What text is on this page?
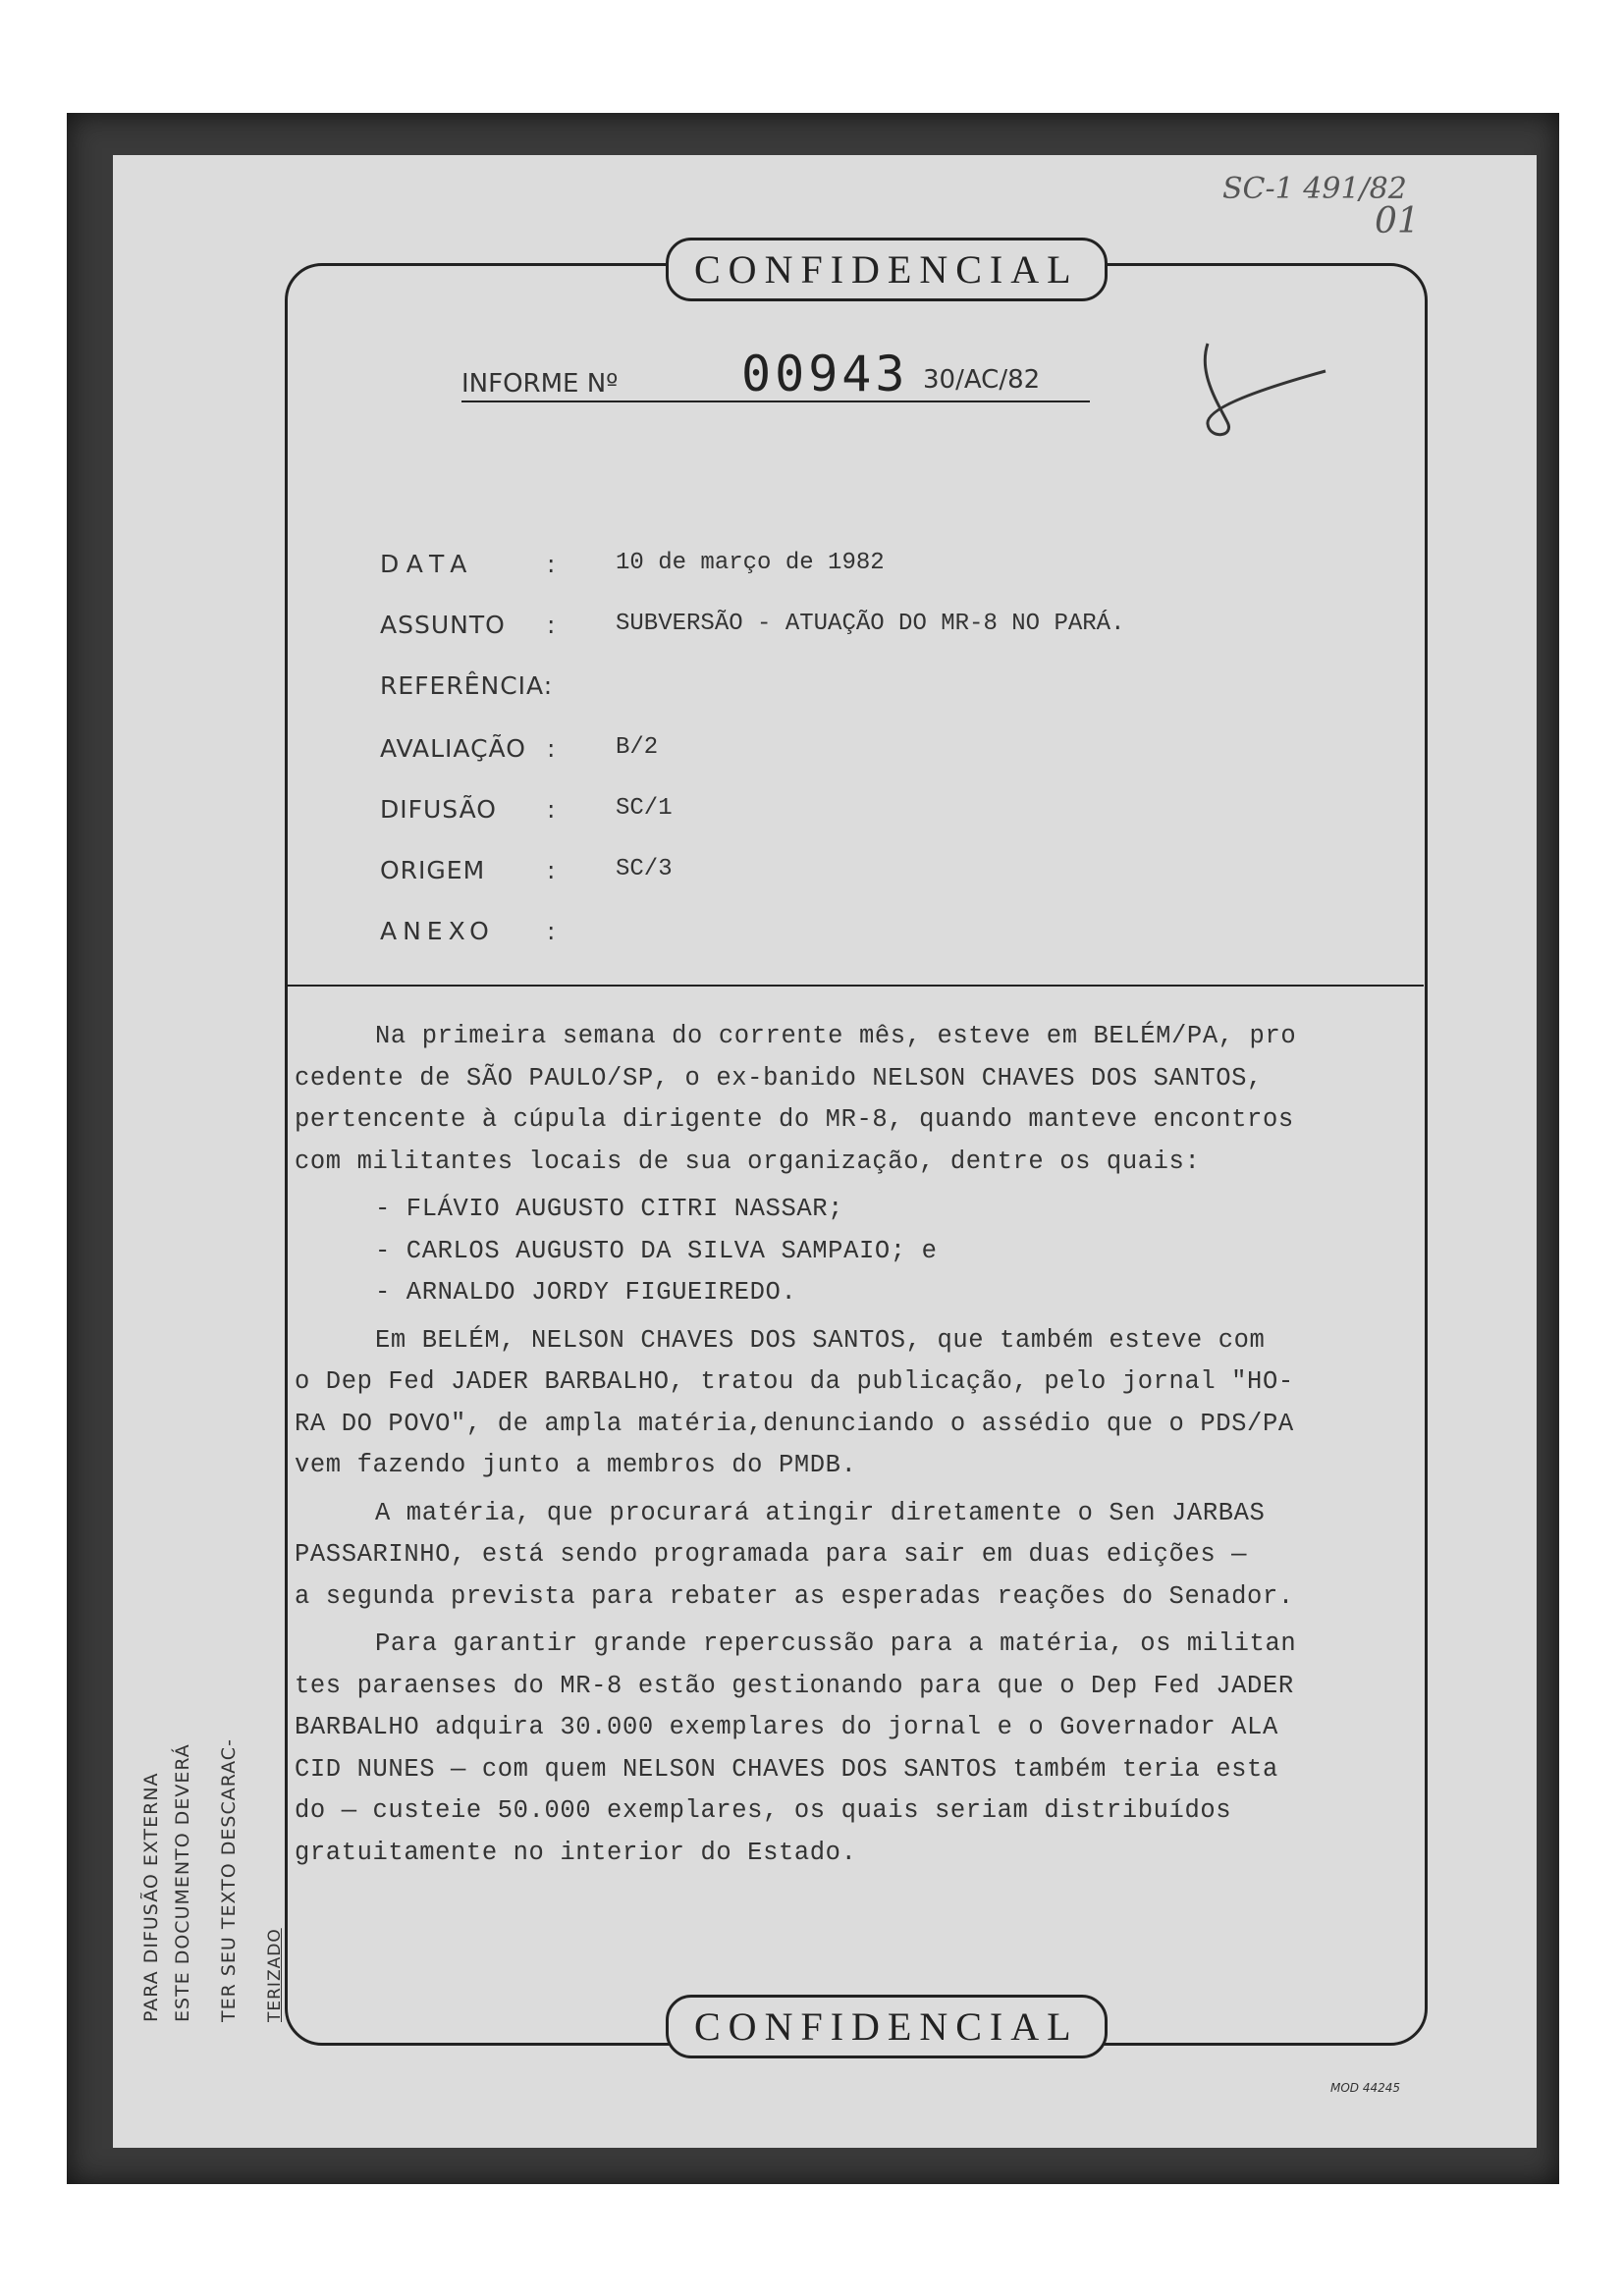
SC-1 491/82
01
CONFIDENCIAL
INFORME Nº	00943 30/AC/82
DATA	:	10 de março de 1982
ASSUNTO :	SUBVERSÃO - ATUAÇÃO DO MR-8 NO PARÁ.
REFERÊNCIA:
AVALIAÇÃO :	B/2
DIFUSÃO :	SC/1
ORIGEM	:	SC/3
ANEXO :
Na primeira semana do corrente mês, esteve em BELÉM/PA, pro
cedente de SÃO PAULO/SP, o ex-banido NELSON CHAVES DOS SANTOS,
pertencente à cúpula dirigente do MR-8, quando manteve encontros
com militantes locais de sua organização, dentre os quais:
- FLÁVIO AUGUSTO CITRI NASSAR;
- CARLOS AUGUSTO DA SILVA SAMPAIO; e
- ARNALDO JORDY FIGUEIREDO.
Em BELÉM, NELSON CHAVES DOS SANTOS, que também esteve com
o Dep Fed JADER BARBALHO, tratou da publicação, pelo jornal "HO-
RA DO POVO", de ampla matéria,denunciando o assédio que o PDS/PA
vem fazendo junto a membros do PMDB.
A matéria, que procurará atingir diretamente o Sen JARBAS
PASSARINHO, está sendo programada para sair em duas edições —
a segunda prevista para rebater as esperadas reações do Senador.
Para garantir grande repercussão para a matéria, os militan
tes paraenses do MR-8 estão gestionando para que o Dep Fed JADER
BARBALHO adquira 30.000 exemplares do jornal e o Governador ALA
CID NUNES — com quem NELSON CHAVES DOS SANTOS também teria esta
do — custeie 50.000 exemplares, os quais seriam distribuídos
gratuitamente no interior do Estado.
CONFIDENCIAL
PARA DIFUSÃO EXTERNA ESTE DOCUMENTO DEVERÁ TER SEU TEXTO DESCARAC- TERIZADO
MOD 44245
